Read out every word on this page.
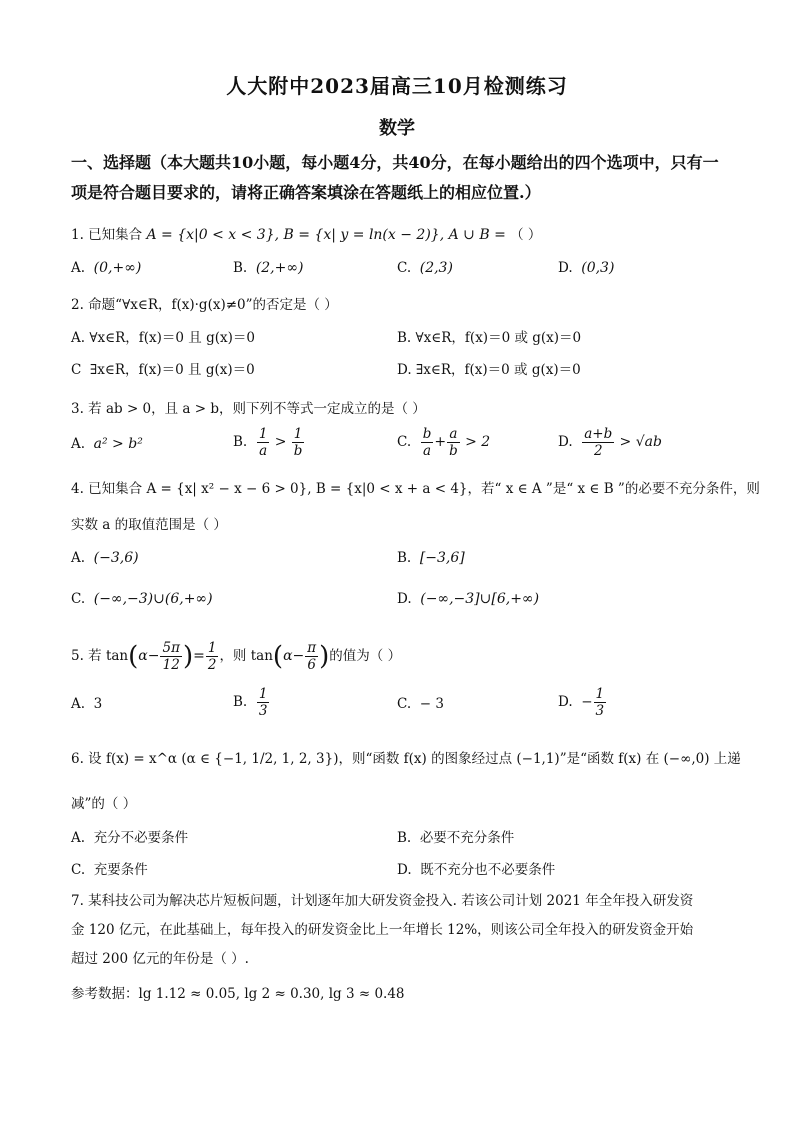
人大附中2023届高三10月检测练习
数学
一、选择题（本大题共10小题，每小题4分，共40分，在每小题给出的四个选项中，只有一项是符合题目要求的，请将正确答案填涂在答题纸上的相应位置.）
1. 已知集合 A = {x|0 < x < 3}, B = {x| y = ln(x − 2)}, A ∪ B = （ ）
A. (0,+∞)	B. (2,+∞)	C. (2,3)	D. (0,3)
2. 命题“∀x∈R，f(x)·g(x)≠0”的否定是（ ）
A. ∀x∈R，f(x)＝0 且 g(x)＝0	B. ∀x∈R，f(x)＝0 或 g(x)＝0
C ∃x∈R，f(x)＝0 且 g(x)＝0	D. ∃x∈R，f(x)＝0 或 g(x)＝0
3. 若 ab > 0，且 a > b，则下列不等式一定成立的是（ ）
A. a² > b²	B. $\frac{1}{a} > \frac{1}{b}$	C. $\frac{b}{a} + \frac{a}{b} > 2$	D. $\frac{a+b}{2} > √ab$
4. 已知集合 A = {x| x² − x − 6 > 0}, B = {x|0 < x + a < 4}，若“ x ∈ A ”是“ x ∈ B ”的必要不充分条件，则
实数 a 的取值范围是（ ）
A. (−3,6)	B. [−3,6]
C. (−∞,−3)∪(6,+∞)	D. (−∞,−3]∪[6,+∞)
5. 若 $\tan(\alpha- \frac{5\pi}{12}$ )= $\frac{1}{2}$ ，则 $\tan(\alpha- \frac{\pi}{6}$ )的值为（ ）
A. 3	B. $\frac{1}{3}$	C. − 3	D. − $\frac{1}{3}$
6. 设 f(x) = x^α (α ∈ {−1, 1/2, 1, 2, 3})，则“函数 f(x) 的图象经过点 (−1,1)”是“函数 f(x) 在 (−∞,0) 上递
减”的（ ）
A. 充分不必要条件	B. 必要不充分条件
C. 充要条件	D. 既不充分也不必要条件
7. 某科技公司为解决芯片短板问题，计划逐年加大研发资金投入. 若该公司计划 2021 年全年投入研发资
金 120 亿元，在此基础上，每年投入的研发资金比上一年增长 12%，则该公司全年投入的研发资金开始
超过 200 亿元的年份是（ ）.
参考数据：lg 1.12 ≈ 0.05, lg 2 ≈ 0.30, lg 3 ≈ 0.48
